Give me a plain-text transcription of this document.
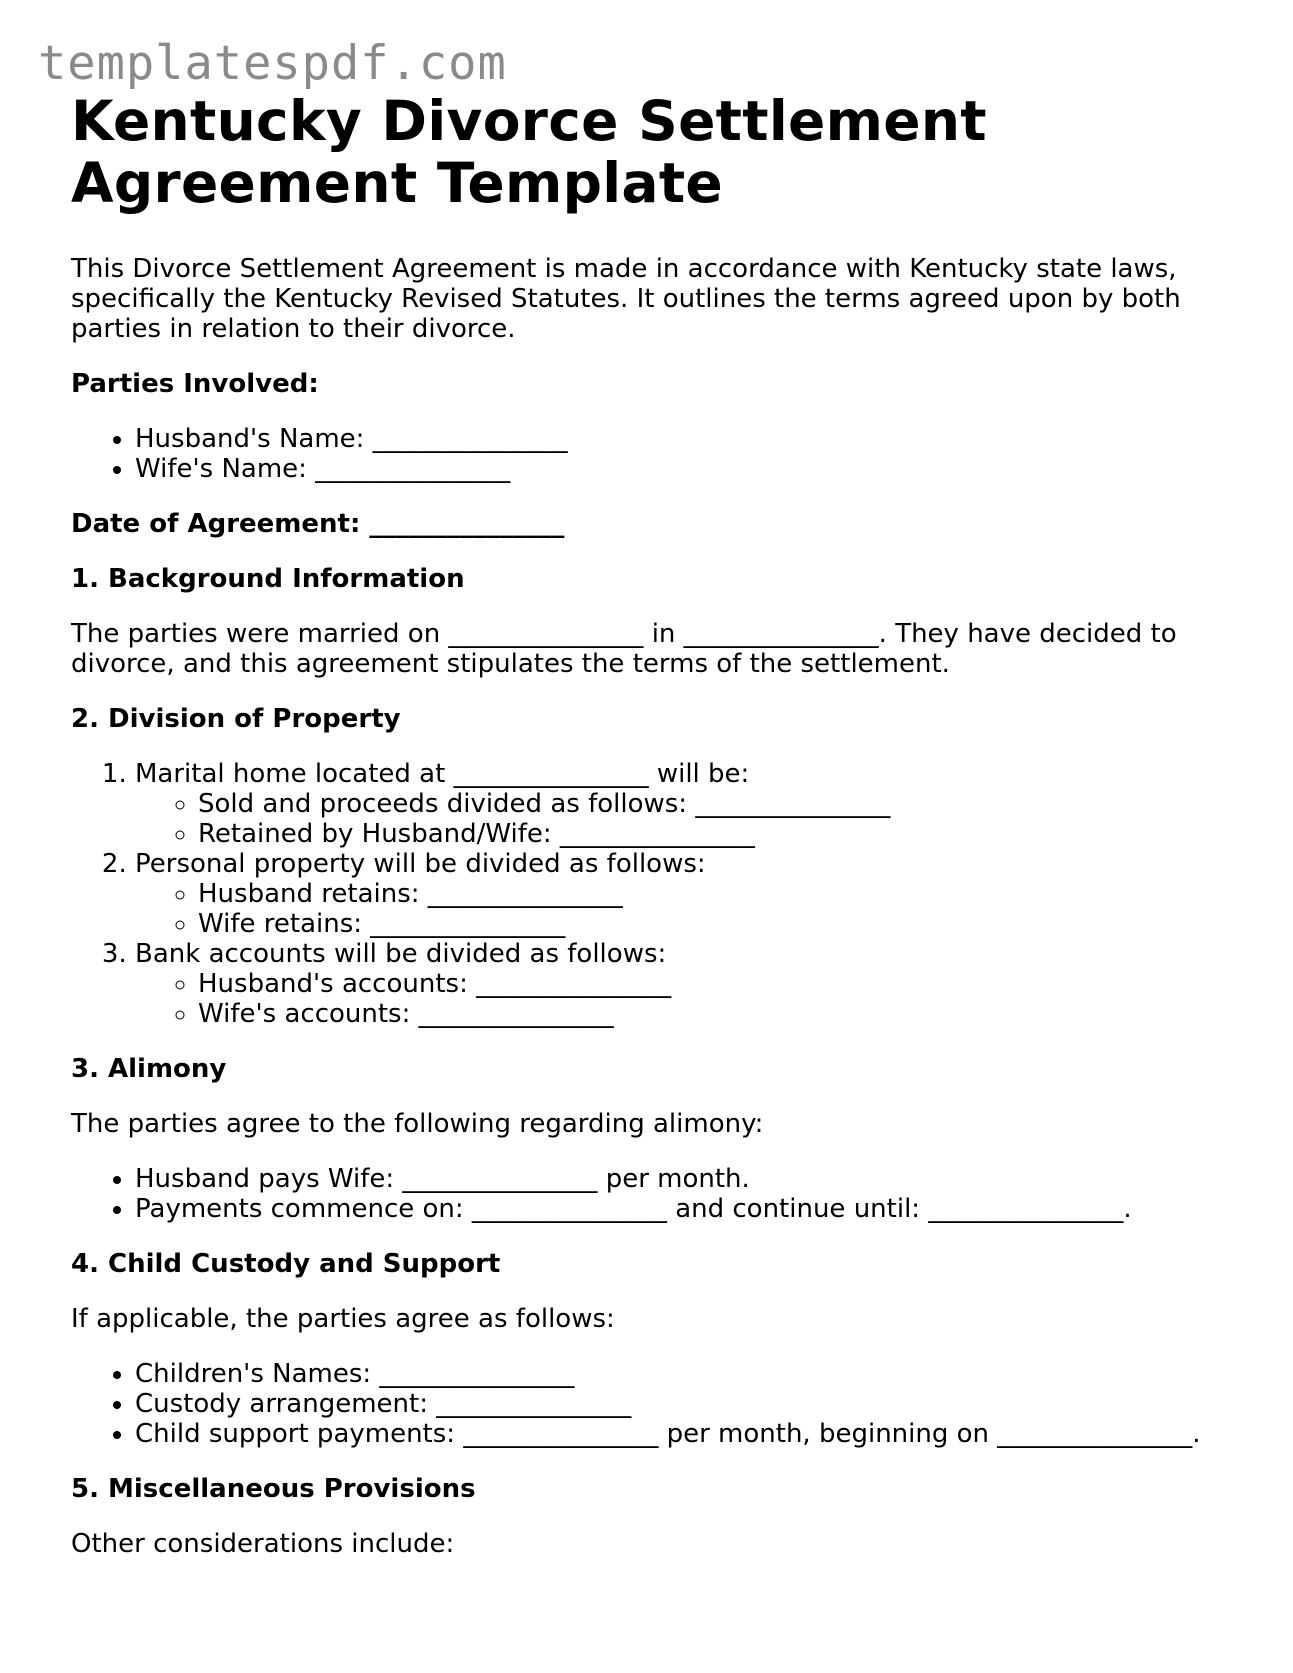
templatespdf.com
Kentucky Divorce Settlement
Agreement Template

This Divorce Settlement Agreement is made in accordance with Kentucky state laws, specifically the Kentucky Revised Statutes. It outlines the terms agreed upon by both parties in relation to their divorce.

Parties Involved:

• Husband's Name: _______________
• Wife's Name: _______________

Date of Agreement: _______________

1. Background Information

The parties were married on _______________ in _______________. They have decided to divorce, and this agreement stipulates the terms of the settlement.

2. Division of Property

1. Marital home located at _______________ will be:
◦ Sold and proceeds divided as follows: _______________
◦ Retained by Husband/Wife: _______________
2. Personal property will be divided as follows:
◦ Husband retains: _______________
◦ Wife retains: _______________
3. Bank accounts will be divided as follows:
◦ Husband's accounts: _______________
◦ Wife's accounts: _______________

3. Alimony

The parties agree to the following regarding alimony:

• Husband pays Wife: _______________ per month.
• Payments commence on: _______________ and continue until: _______________.

4. Child Custody and Support

If applicable, the parties agree as follows:

• Children's Names: _______________
• Custody arrangement: _______________
• Child support payments: _______________ per month, beginning on _______________.

5. Miscellaneous Provisions

Other considerations include:
